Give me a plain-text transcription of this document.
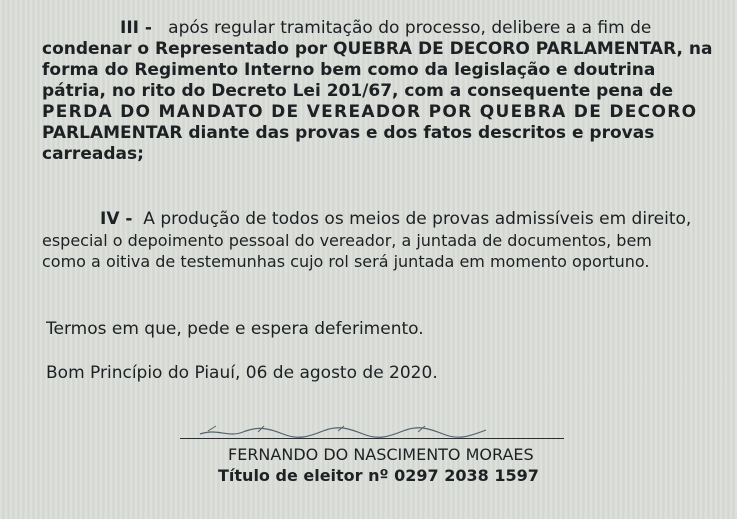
III - após regular tramitação do processo, delibere a a fim de
condenar o Representado por QUEBRA DE DECORO PARLAMENTAR, na
forma do Regimento Interno bem como da legislação e doutrina
pátria, no rito do Decreto Lei 201/67, com a consequente pena de
PERDA DO MANDATO DE VEREADOR POR QUEBRA DE DECORO
PARLAMENTAR diante das provas e dos fatos descritos e provas
carreadas;
IV - A produção de todos os meios de provas admissíveis em direito,
especial o depoimento pessoal do vereador, a juntada de documentos, bem
como a oitiva de testemunhas cujo rol será juntada em momento oportuno.
Termos em que, pede e espera deferimento.
Bom Princípio do Piauí, 06 de agosto de 2020.
FERNANDO DO NASCIMENTO MORAES
Título de eleitor nº 0297 2038 1597
